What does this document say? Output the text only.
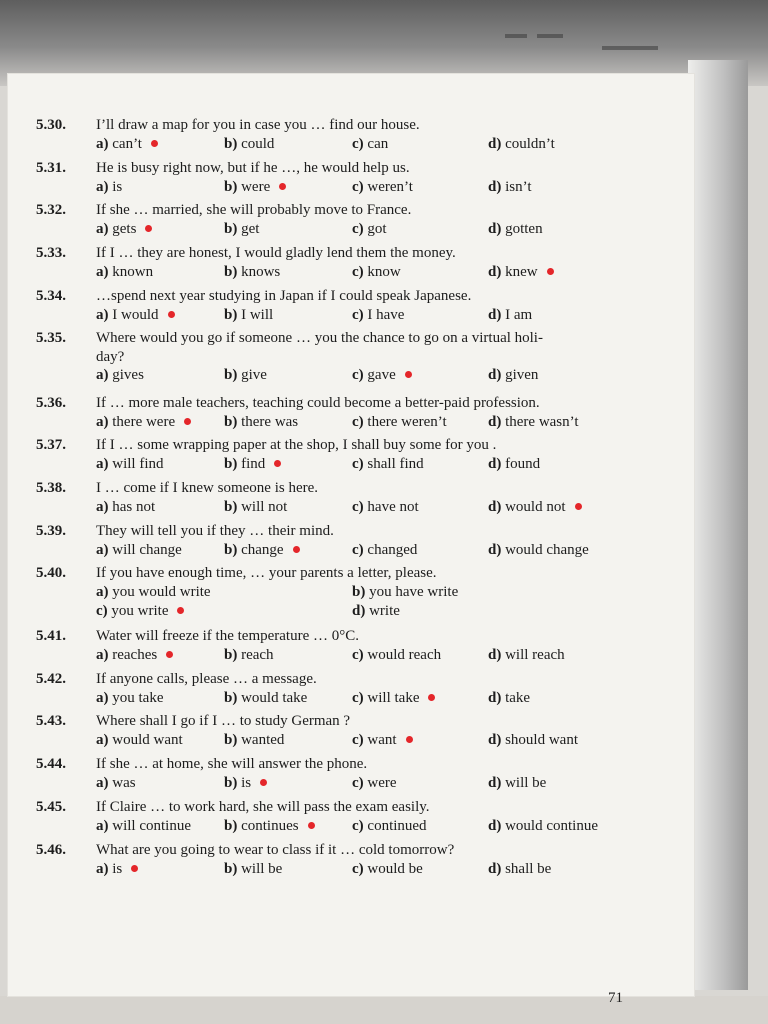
5.30.	I’ll draw a map for you in case you … find our house.
a) can’t	b) could	c) can	d) couldn’t
5.31.	He is busy right now, but if he …, he would help us.
a) is	b) were	c) weren’t	d) isn’t
5.32.	If she … married, she will probably move to France.
a) gets	b) get	c) got	d) gotten
5.33.	If I … they are honest, I would gladly lend them the money.
a) known	b) knows	c) know	d) knew
5.34.	…spend next year studying in Japan if I could speak Japanese.
a) I would	b) I will	c) I have	d) I am
5.35.	Where would you go if someone … you the chance to go on a virtual holi-
day?
a) gives	b) give	c) gave	d) given
5.36.	If … more male teachers, teaching could become a better-paid profession.
a) there were	b) there was	c) there weren’t	d) there wasn’t
5.37.	If I … some wrapping paper at the shop, I shall buy some for you .
a) will find	b) find	c) shall find	d) found
5.38.	I … come if I knew someone is here.
a) has not	b) will not	c) have not	d) would not
5.39.	They will tell you if they … their mind.
a) will change	b) change	c) changed	d) would change
5.40.	If you have enough time, … your parents a letter, please.
a) you would write	b) you have write
c) you write	d) write
5.41.	Water will freeze if the temperature … 0°C.
a) reaches	b) reach	c) would reach	d) will reach
5.42.	If anyone calls, please … a message.
a) you take	b) would take	c) will take	d) take
5.43.	Where shall I go if I … to study German ?
a) would want	b) wanted	c) want	d) should want
5.44.	If she … at home, she will answer the phone.
a) was	b) is	c) were	d) will be
5.45.	If Claire … to work hard, she will pass the exam easily.
a) will continue b) continues	c) continued	d) would continue
5.46.	What are you going to wear to class if it … cold tomorrow?
a) is	b) will be	c) would be	d) shall be
71
